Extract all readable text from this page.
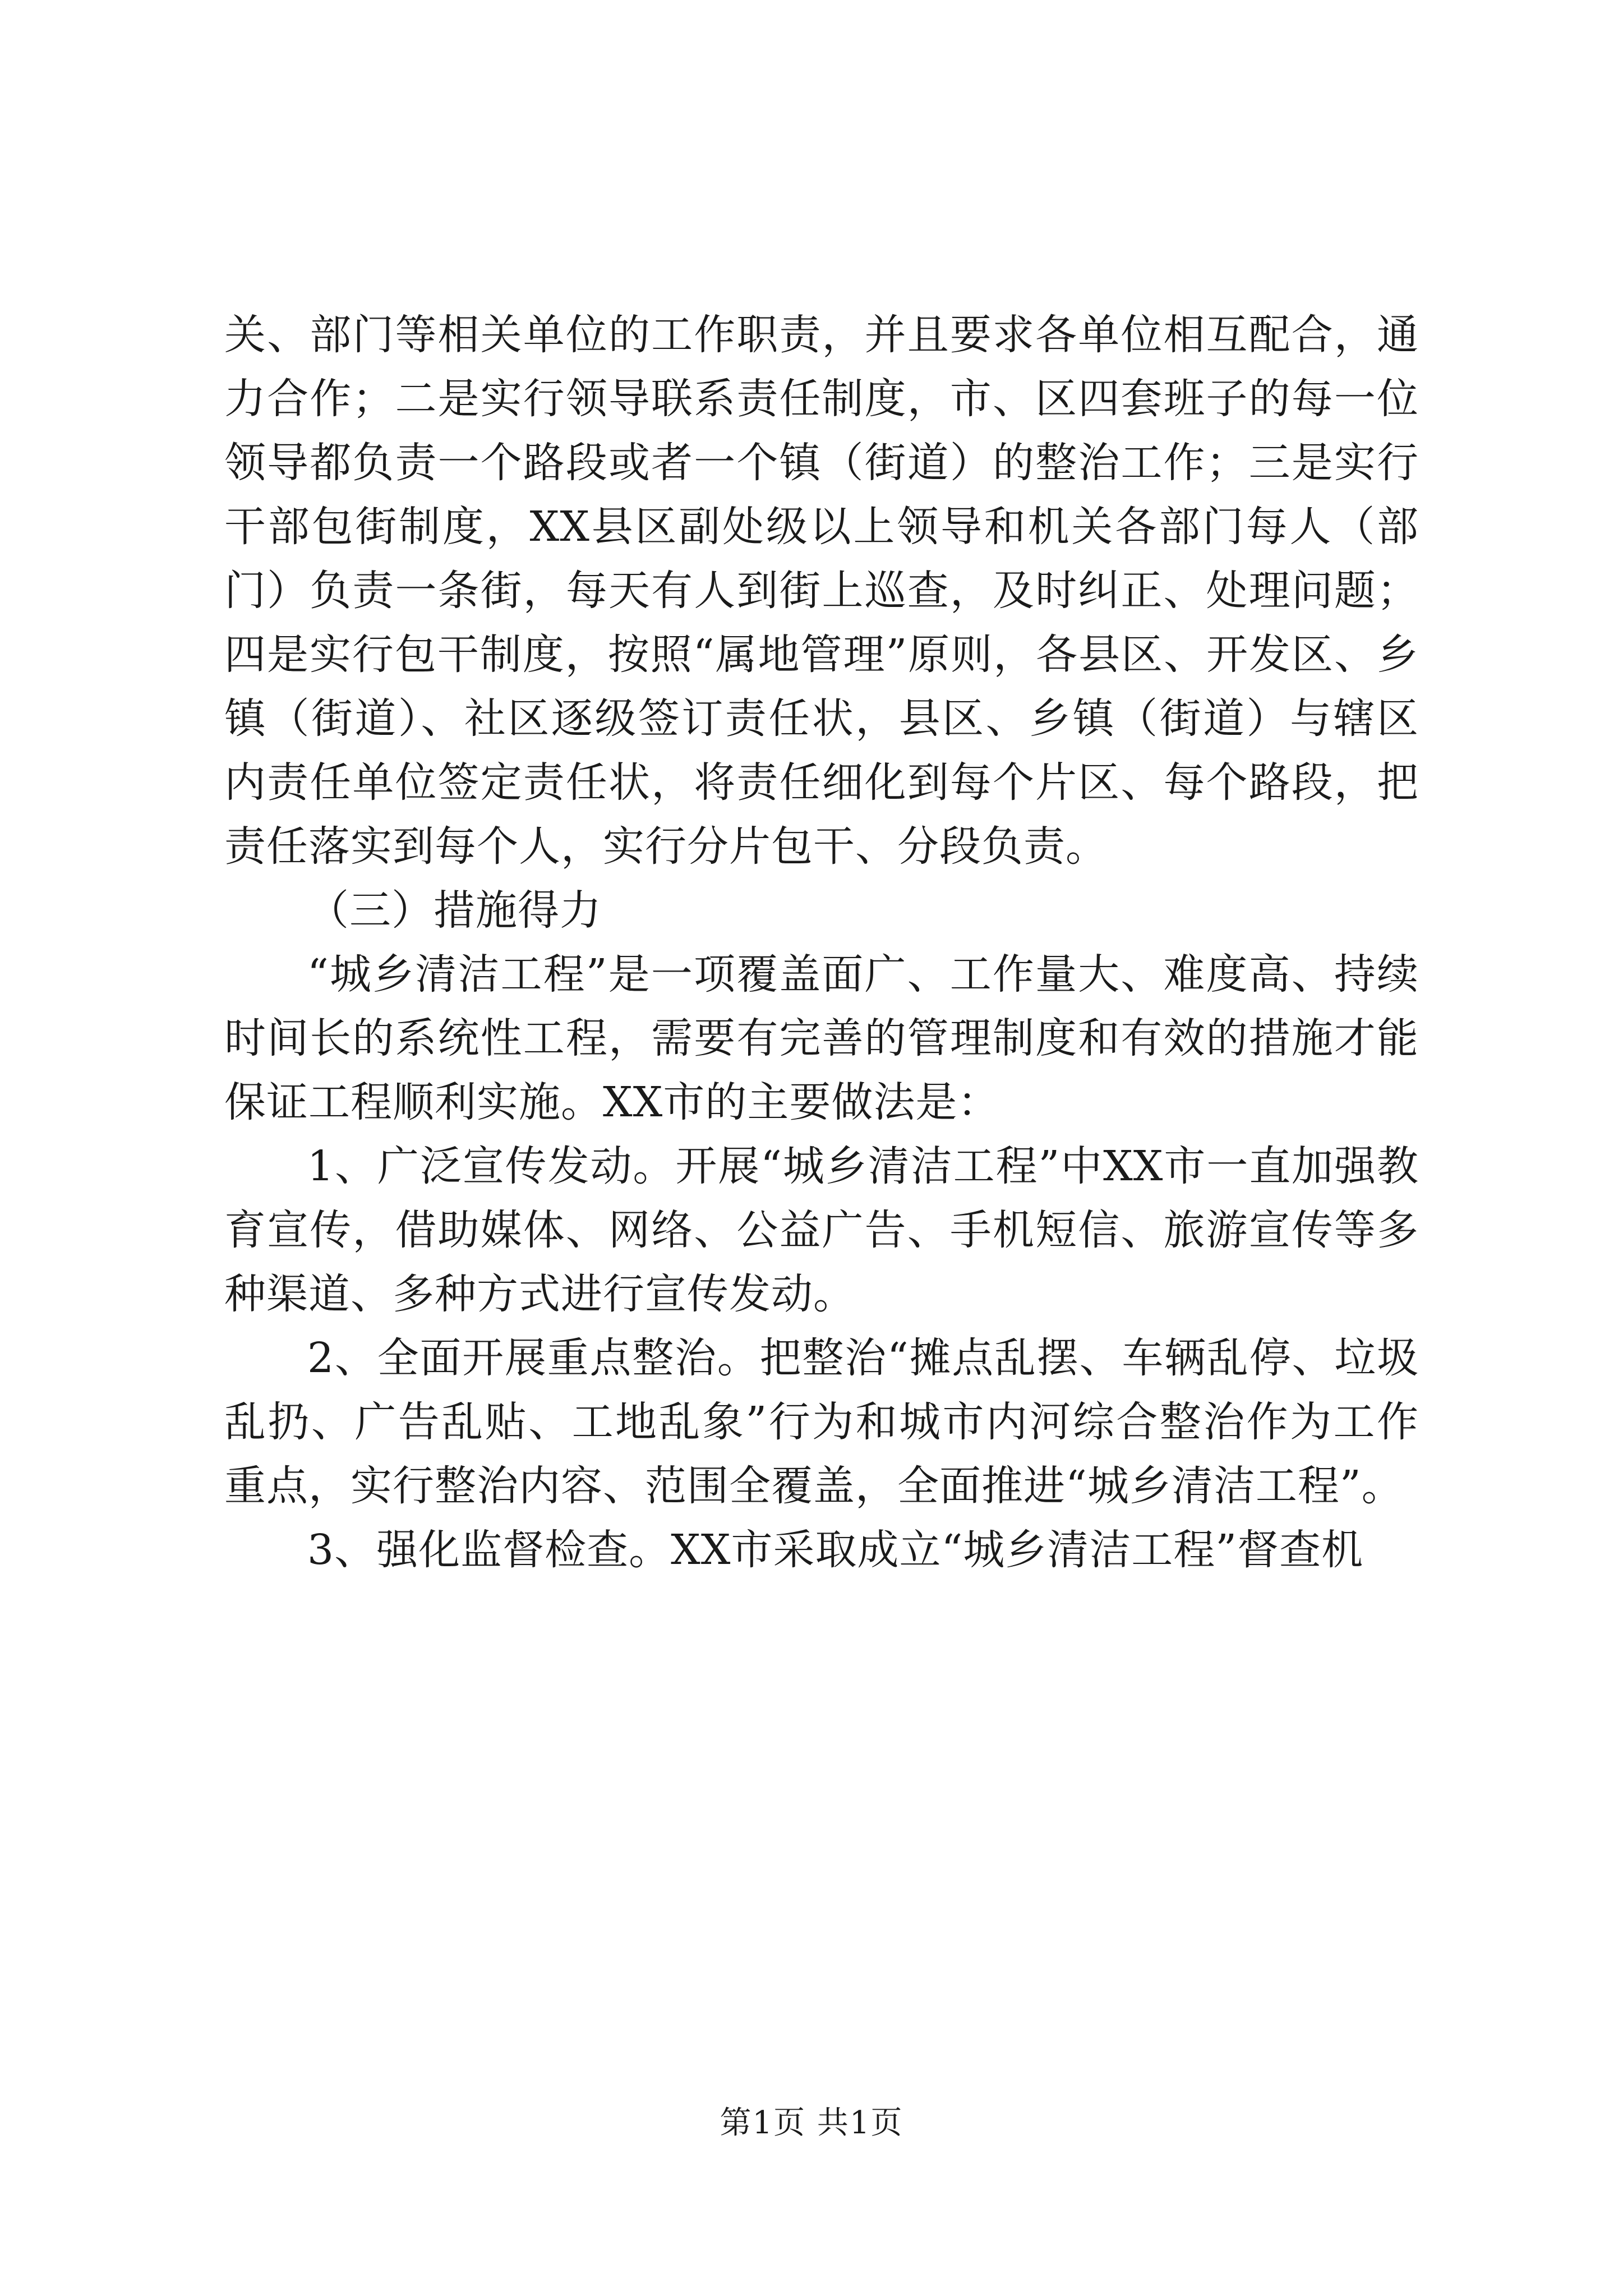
关、部门等相关单位的工作职责，并且要求各单位相互配合，通力合作；二是实行领导联系责任制度，市、区四套班子的每一位领导都负责一个路段或者一个镇（街道）的整治工作；三是实行干部包街制度，XX县区副处级以上领导和机关各部门每人（部门）负责一条街，每天有人到街上巡查，及时纠正、处理问题；四是实行包干制度，按照“属地管理”原则，各县区、开发区、乡镇（街道）、社区逐级签订责任状，县区、乡镇（街道）与辖区内责任单位签定责任状，将责任细化到每个片区、每个路段，把责任落实到每个人，实行分片包干、分段负责。

（三）措施得力

“城乡清洁工程”是一项覆盖面广、工作量大、难度高、持续时间长的系统性工程，需要有完善的管理制度和有效的措施才能保证工程顺利实施。XX市的主要做法是：

1、广泛宣传发动。开展“城乡清洁工程”中XX市一直加强教育宣传，借助媒体、网络、公益广告、手机短信、旅游宣传等多种渠道、多种方式进行宣传发动。

2、全面开展重点整治。把整治“摊点乱摆、车辆乱停、垃圾乱扔、广告乱贴、工地乱象”行为和城市内河综合整治作为工作重点，实行整治内容、范围全覆盖，全面推进“城乡清洁工程”。

3、强化监督检查。XX市采取成立“城乡清洁工程”督查机

第1页 共1页
